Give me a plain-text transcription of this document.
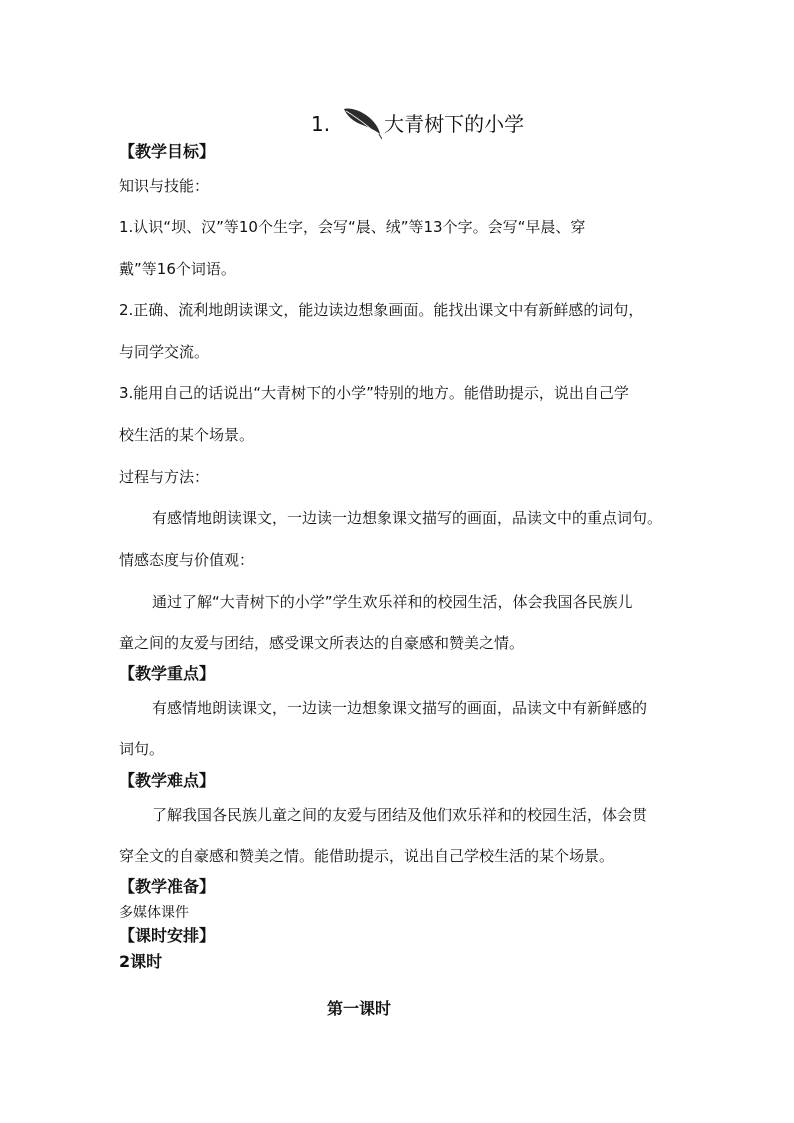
1.	大青树下的小学
【教学目标】
知识与技能：
1.认识“坝、汉”等10个生字，会写“晨、绒”等13个字。会写“早晨、穿
戴”等16个词语。
2.正确、流利地朗读课文，能边读边想象画面。能找出课文中有新鲜感的词句，
与同学交流。
3.能用自己的话说出“大青树下的小学”特别的地方。能借助提示，说出自己学
校生活的某个场景。
过程与方法：
有感情地朗读课文，一边读一边想象课文描写的画面，品读文中的重点词句。
情感态度与价值观：
通过了解“大青树下的小学”学生欢乐祥和的校园生活，体会我国各民族儿
童之间的友爱与团结，感受课文所表达的自豪感和赞美之情。
【教学重点】
有感情地朗读课文，一边读一边想象课文描写的画面，品读文中有新鲜感的
词句。
【教学难点】
了解我国各民族儿童之间的友爱与团结及他们欢乐祥和的校园生活，体会贯
穿全文的自豪感和赞美之情。能借助提示，说出自己学校生活的某个场景。
【教学准备】
多媒体课件
【课时安排】
2课时
第一课时
